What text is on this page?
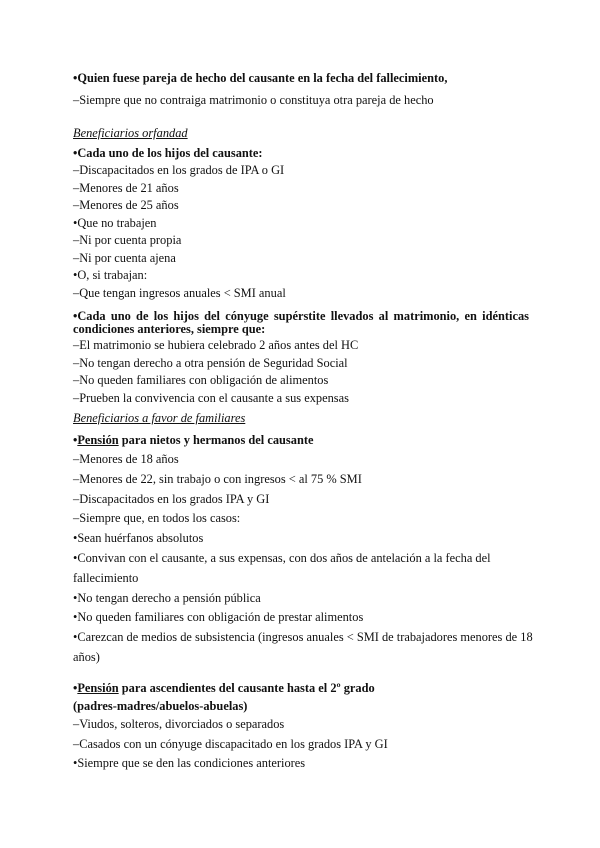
•Quien fuese pareja de hecho del causante en la fecha del fallecimiento,
–Siempre que no contraiga matrimonio o constituya otra pareja de hecho
Beneficiarios orfandad
•Cada uno de los hijos del causante:
–Discapacitados en los grados de IPA o GI
–Menores de 21 años
–Menores de 25 años
•Que no trabajen
–Ni por cuenta propia
–Ni por cuenta ajena
•O, si trabajan:
–Que tengan ingresos anuales < SMI anual
•Cada uno de los hijos del cónyuge supérstite llevados al matrimonio, en idénticas
condiciones anteriores, siempre que:
–El matrimonio se hubiera celebrado 2 años antes del HC
–No tengan derecho a otra pensión de Seguridad Social
–No queden familiares con obligación de alimentos
–Prueben la convivencia con el causante a sus expensas
Beneficiarios a favor de familiares
•Pensión para nietos y hermanos del causante
–Menores de 18 años
–Menores de 22, sin trabajo o con ingresos < al 75 % SMI
–Discapacitados en los grados IPA y GI
–Siempre que, en todos los casos:
•Sean huérfanos absolutos
•Convivan con el causante, a sus expensas, con dos años de antelación a la fecha del
fallecimiento
•No tengan derecho a pensión pública
•No queden familiares con obligación de prestar alimentos
•Carezcan de medios de subsistencia (ingresos anuales < SMI de trabajadores menores de 18
años)
•Pensión para ascendientes del causante hasta el 2º grado
(padres-madres/abuelos-abuelas)
–Viudos, solteros, divorciados o separados
–Casados con un cónyuge discapacitado en los grados IPA y GI
•Siempre que se den las condiciones anteriores
